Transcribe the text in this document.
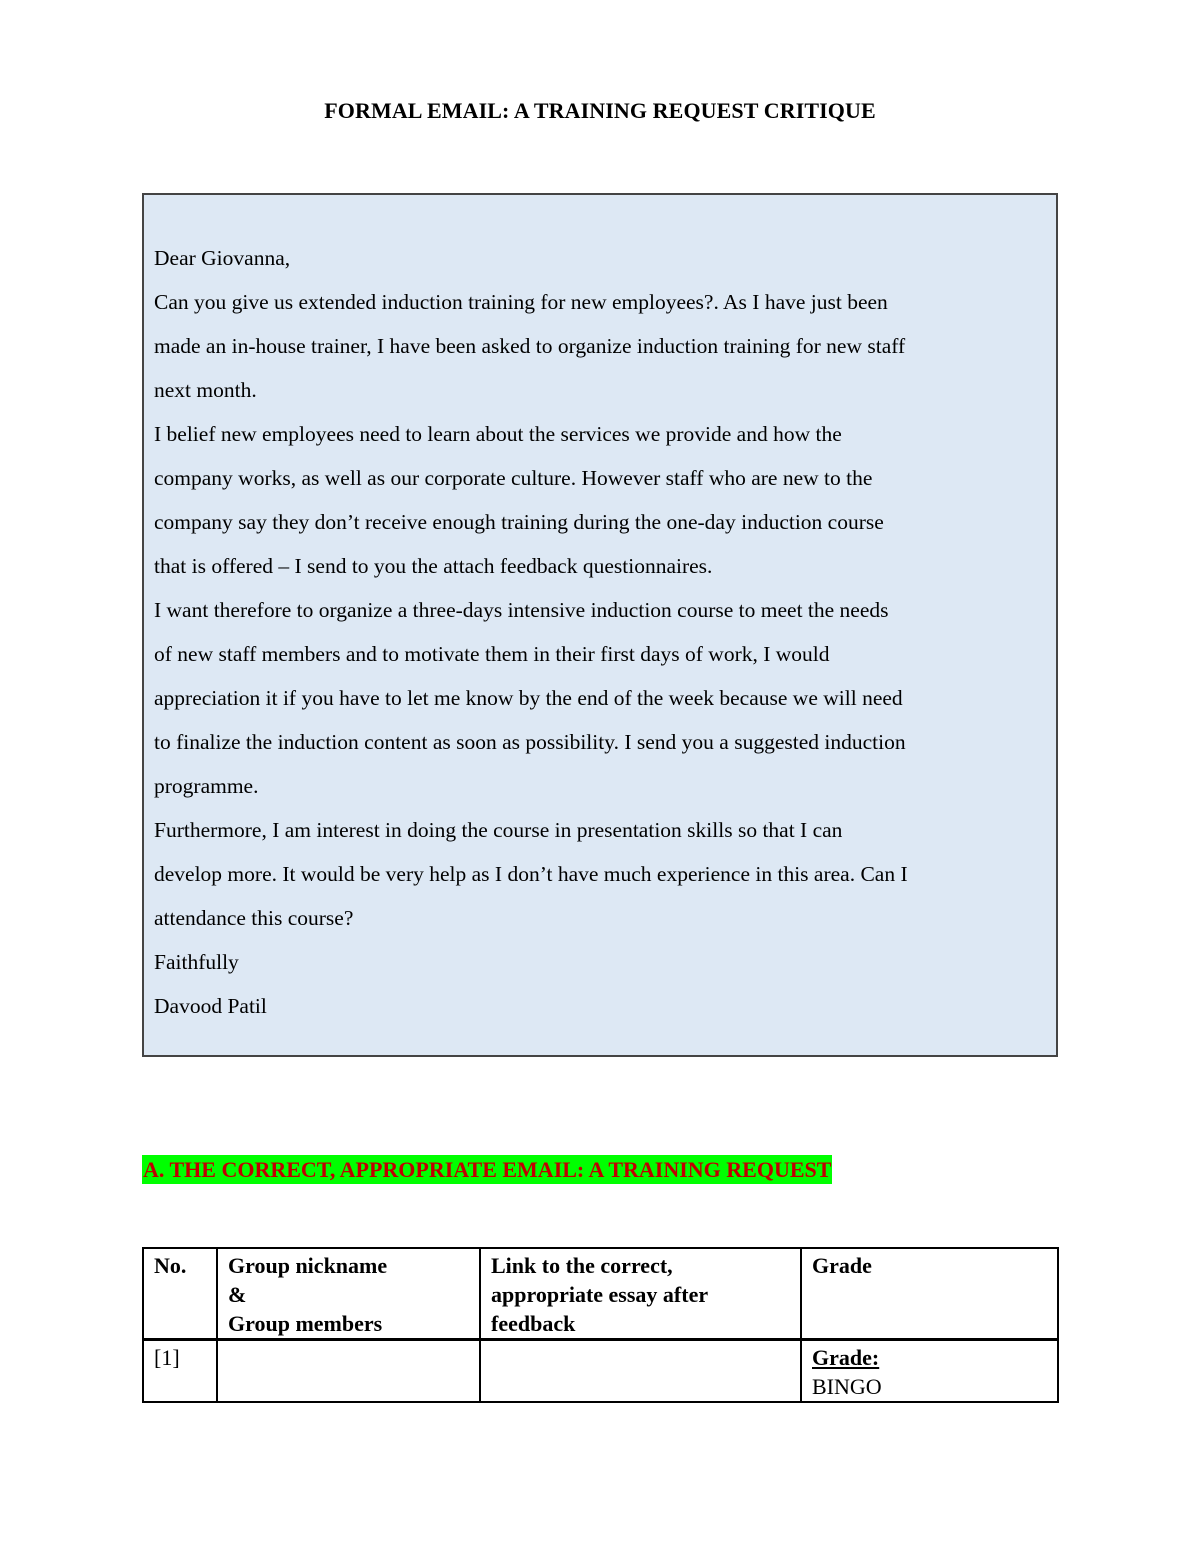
FORMAL EMAIL: A TRAINING REQUEST CRITIQUE

Dear Giovanna,

Can you give us extended induction training for new employees?. As I have just been

made an in-house trainer, I have been asked to organize induction training for new staff

next month.

I belief new employees need to learn about the services we provide and how the

company works, as well as our corporate culture. However staff who are new to the

company say they don’t receive enough training during the one-day induction course

that is offered – I send to you the attach feedback questionnaires.

I want therefore to organize a three-days intensive induction course to meet the needs

of new staff members and to motivate them in their first days of work, I would

appreciation it if you have to let me know by the end of the week because we will need

to finalize the induction content as soon as possibility. I send you a suggested induction

programme.

Furthermore, I am interest in doing the course in presentation skills so that I can

develop more. It would be very help as I don’t have much experience in this area. Can I

attendance this course?

Faithfully

Davood Patil

A. THE CORRECT, APPROPRIATE EMAIL: A TRAINING REQUEST
No.	Group nickname
&
Group members	Link to the correct,
appropriate essay after
feedback	Grade
[1]			Grade:
BINGO
